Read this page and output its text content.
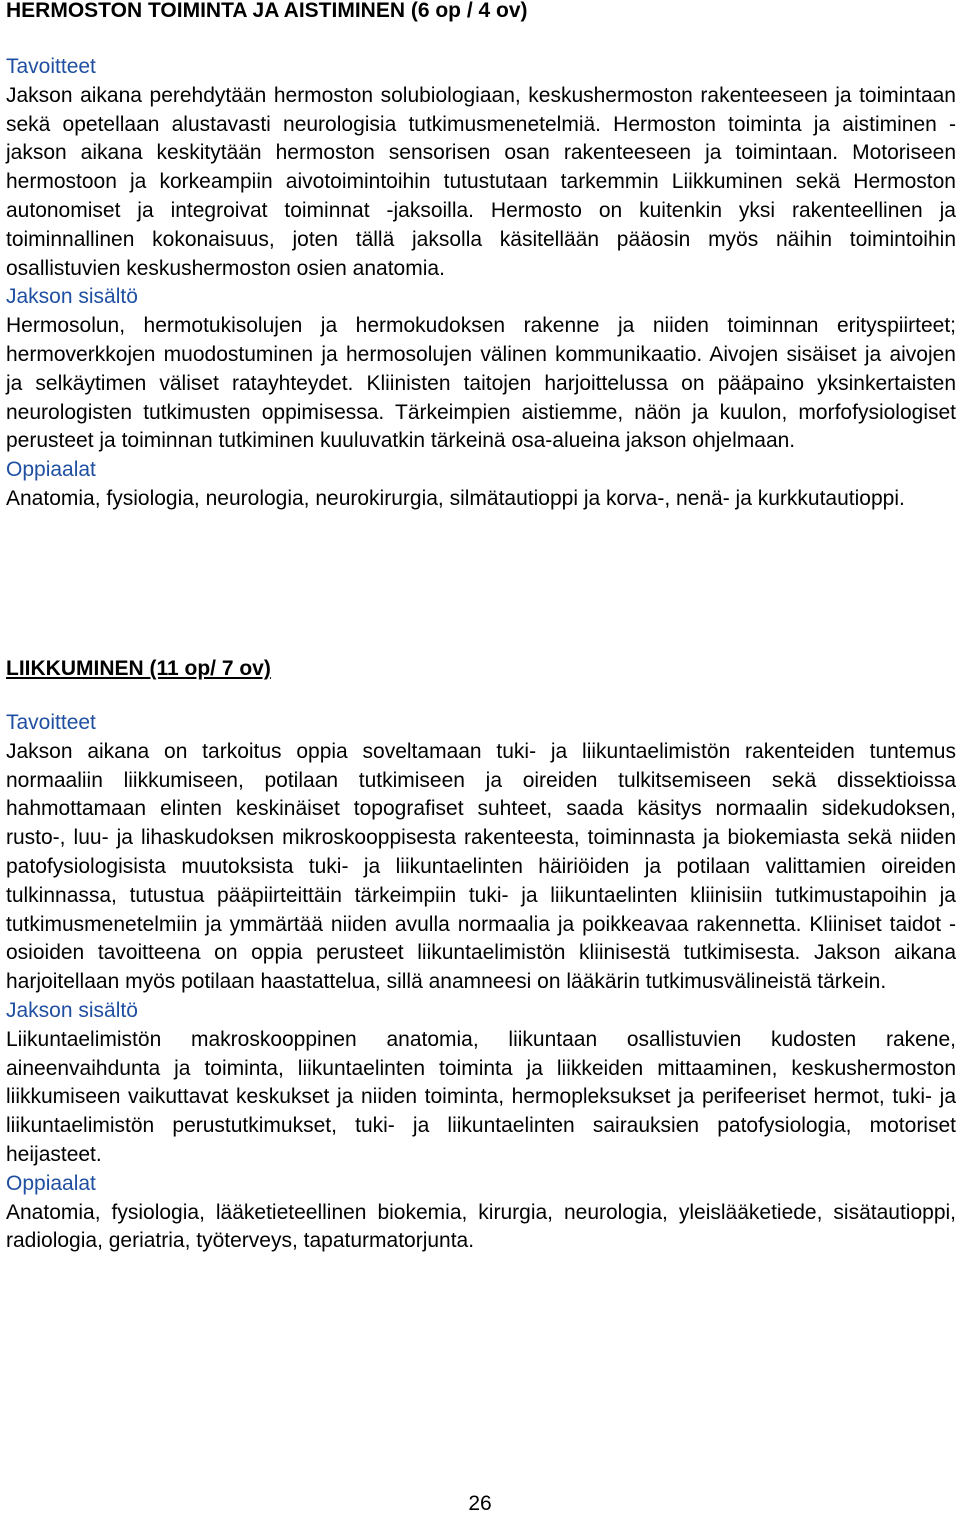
HERMOSTON TOIMINTA JA AISTIMINEN (6 op / 4 ov)

Tavoitteet

Jakson aikana perehdytään hermoston solubiologiaan, keskushermoston rakenteeseen ja toimintaan sekä opetellaan alustavasti neurologisia tutkimusmenetelmiä. Hermoston toiminta ja aistiminen -jakson aikana keskitytään hermoston sensorisen osan rakenteeseen ja toimintaan. Motoriseen hermostoon ja korkeampiin aivotoimintoihin tutustutaan tarkemmin Liikkuminen sekä Hermoston autonomiset ja integroivat toiminnat -jaksoilla. Hermosto on kuitenkin yksi rakenteellinen ja toiminnallinen kokonaisuus, joten tällä jaksolla käsitellään pääosin myös näihin toimintoihin osallistuvien keskushermoston osien anatomia.

Jakson sisältö

Hermosolun, hermotukisolujen ja hermokudoksen rakenne ja niiden toiminnan erityspiirteet; hermoverkkojen muodostuminen ja hermosolujen välinen kommunikaatio. Aivojen sisäiset ja aivojen ja selkäytimen väliset ratayhteydet. Kliinisten taitojen harjoittelussa on pääpaino yksinkertaisten neurologisten tutkimusten oppimisessa. Tärkeimpien aistiemme, näön ja kuulon, morfofysiologiset perusteet ja toiminnan tutkiminen kuuluvatkin tärkeinä osa-alueina jakson ohjelmaan.

Oppiaalat

Anatomia, fysiologia, neurologia, neurokirurgia, silmätautioppi ja korva-, nenä- ja kurkkutautioppi.

LIIKKUMINEN (11 op/ 7 ov)

Tavoitteet

Jakson aikana on tarkoitus oppia soveltamaan tuki- ja liikuntaelimistön rakenteiden tuntemus normaaliin liikkumiseen, potilaan tutkimiseen ja oireiden tulkitsemiseen sekä dissektioissa hahmottamaan elinten keskinäiset topografiset suhteet, saada käsitys normaalin sidekudoksen, rusto-, luu- ja lihaskudoksen mikroskooppisesta rakenteesta, toiminnasta ja biokemiasta sekä niiden patofysiologisista muutoksista tuki- ja liikuntaelinten häiriöiden ja potilaan valittamien oireiden tulkinnassa, tutustua pääpiirteittäin tärkeimpiin tuki- ja liikuntaelinten kliinisiin tutkimustapoihin ja tutkimusmenetelmiin ja ymmärtää niiden avulla normaalia ja poikkeavaa rakennetta. Kliiniset taidot -osioiden tavoitteena on oppia perusteet liikuntaelimistön kliinisestä tutkimisesta. Jakson aikana harjoitellaan myös potilaan haastattelua, sillä anamneesi on lääkärin tutkimusvälineistä tärkein.

Jakson sisältö

Liikuntaelimistön makroskooppinen anatomia, liikuntaan osallistuvien kudosten rakene, aineenvaihdunta ja toiminta, liikuntaelinten toiminta ja liikkeiden mittaaminen, keskushermoston liikkumiseen vaikuttavat keskukset ja niiden toiminta, hermopleksukset ja perifeeriset hermot, tuki- ja liikuntaelimistön perustutkimukset, tuki- ja liikuntaelinten sairauksien patofysiologia, motoriset heijasteet.

Oppiaalat

Anatomia, fysiologia, lääketieteellinen biokemia, kirurgia, neurologia, yleislääketiede, sisätautioppi, radiologia, geriatria, työterveys, tapaturmatorjunta.

26
